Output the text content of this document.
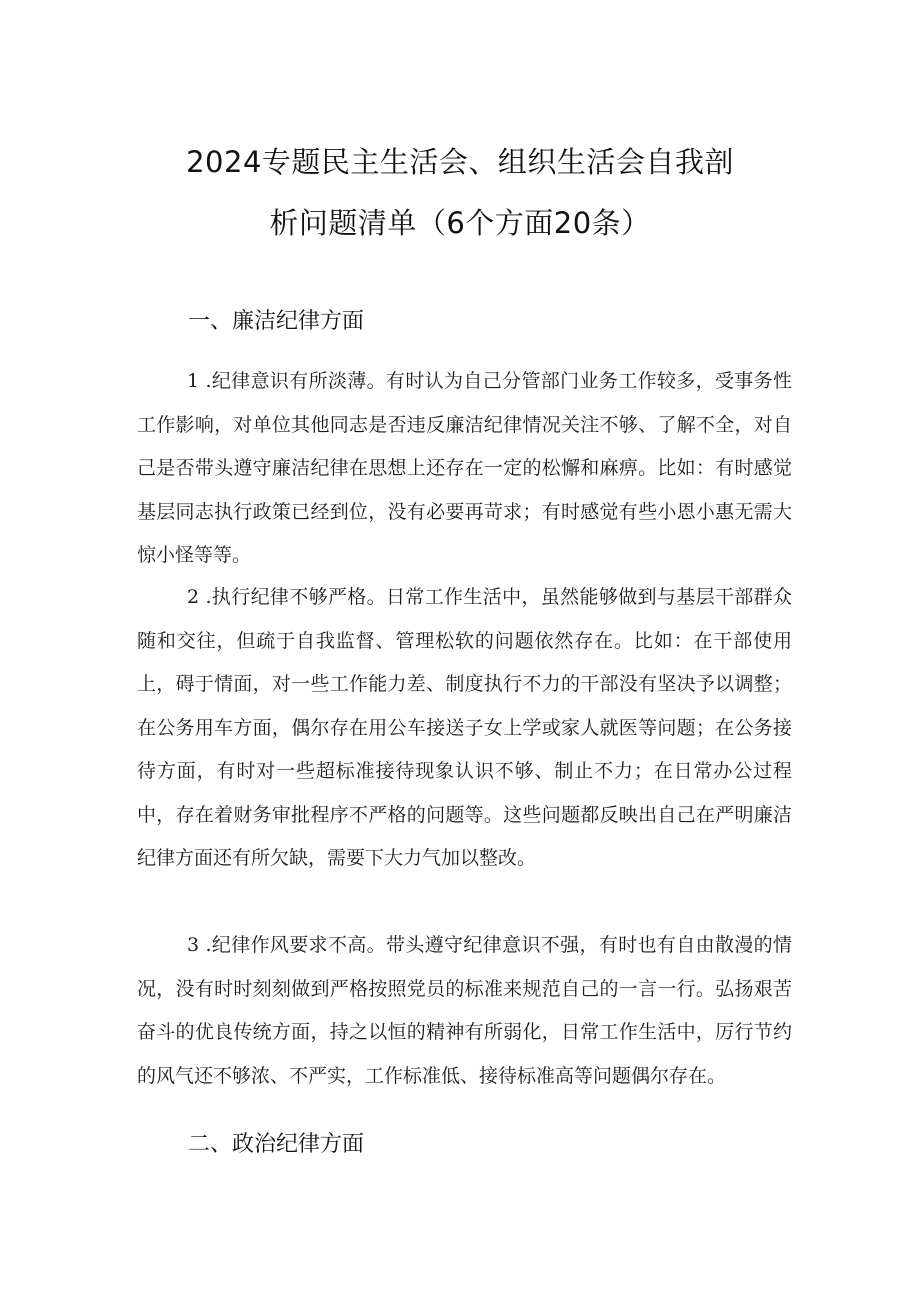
2024专题民主生活会、组织生活会自我剖
析问题清单（6个方面20条）
一、廉洁纪律方面

1 .纪律意识有所淡薄。有时认为自己分管部门业务工作较多，受事务性工作影响，对单位其他同志是否违反廉洁纪律情况关注不够、了解不全，对自己是否带头遵守廉洁纪律在思想上还存在一定的松懈和麻痹。比如：有时感觉基层同志执行政策已经到位，没有必要再苛求；有时感觉有些小恩小惠无需大惊小怪等等。

2 .执行纪律不够严格。日常工作生活中，虽然能够做到与基层干部群众随和交往，但疏于自我监督、管理松软的问题依然存在。比如：在干部使用上，碍于情面，对一些工作能力差、制度执行不力的干部没有坚决予以调整；在公务用车方面，偶尔存在用公车接送子女上学或家人就医等问题；在公务接待方面，有时对一些超标准接待现象认识不够、制止不力；在日常办公过程中，存在着财务审批程序不严格的问题等。这些问题都反映出自己在严明廉洁纪律方面还有所欠缺，需要下大力气加以整改。

3 .纪律作风要求不高。带头遵守纪律意识不强，有时也有自由散漫的情况，没有时时刻刻做到严格按照党员的标准来规范自己的一言一行。弘扬艰苦奋斗的优良传统方面，持之以恒的精神有所弱化，日常工作生活中，厉行节约的风气还不够浓、不严实，工作标准低、接待标准高等问题偶尔存在。

二、政治纪律方面
